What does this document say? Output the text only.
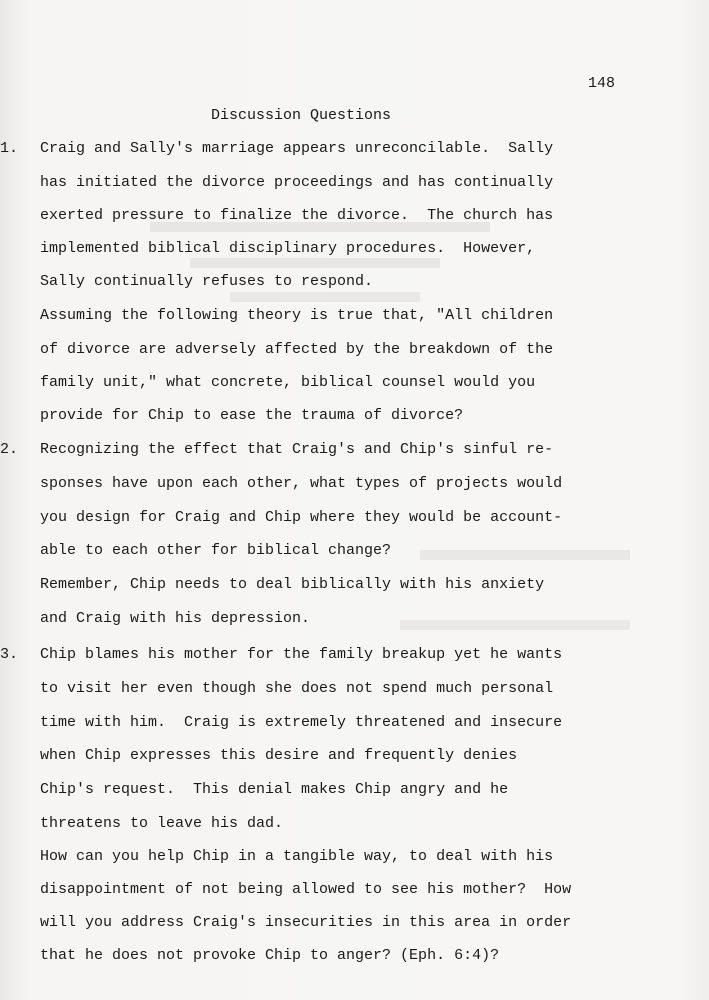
148
Discussion Questions
1. Craig and Sally's marriage appears unreconcilable.  Sally
has initiated the divorce proceedings and has continually
exerted pressure to finalize the divorce.  The church has
implemented biblical disciplinary procedures.  However,
Sally continually refuses to respond.
Assuming the following theory is true that, "All children
of divorce are adversely affected by the breakdown of the
family unit," what concrete, biblical counsel would you
provide for Chip to ease the trauma of divorce?
2. Recognizing the effect that Craig's and Chip's sinful re-
sponses have upon each other, what types of projects would
you design for Craig and Chip where they would be account-
able to each other for biblical change?
Remember, Chip needs to deal biblically with his anxiety
and Craig with his depression.
3. Chip blames his mother for the family breakup yet he wants
to visit her even though she does not spend much personal
time with him.  Craig is extremely threatened and insecure
when Chip expresses this desire and frequently denies
Chip's request.  This denial makes Chip angry and he
threatens to leave his dad.
How can you help Chip in a tangible way, to deal with his
disappointment of not being allowed to see his mother?  How
will you address Craig's insecurities in this area in order
that he does not provoke Chip to anger? (Eph. 6:4)?
